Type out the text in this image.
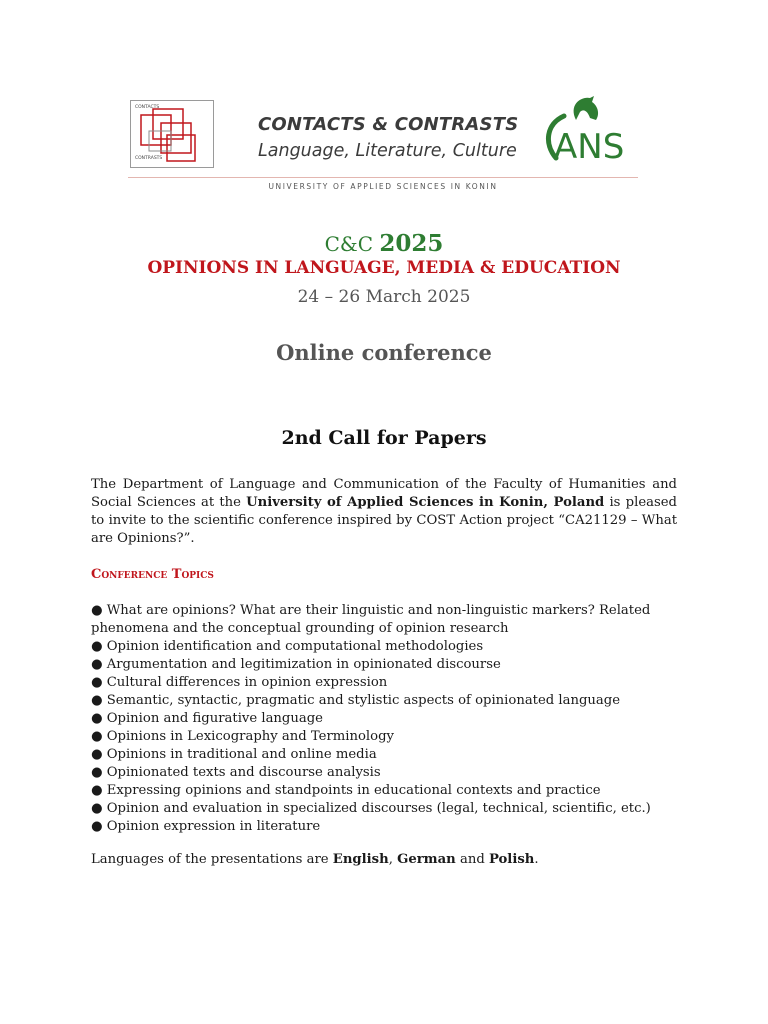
CONTACTS
CONTRASTS
CONTACTS & CONTRASTS
Language, Literature, Culture	ANS
UNIVERSITY OF APPLIED SCIENCES IN KONIN
C&C 2025
OPINIONS IN LANGUAGE, MEDIA & EDUCATION
24 – 26 March 2025
Online conference
2nd Call for Papers
The Department of Language and Communication of the Faculty of Humanities and Social Sciences at the University of Applied Sciences in Konin, Poland is pleased to invite to the scientific conference inspired by COST Action project “CA21129 – What are Opinions?”.
Conference Topics
● What are opinions? What are their linguistic and non-linguistic markers? Related phenomena and the conceptual grounding of opinion research
● Opinion identification and computational methodologies
● Argumentation and legitimization in opinionated discourse
● Cultural differences in opinion expression
● Semantic, syntactic, pragmatic and stylistic aspects of opinionated language
● Opinion and figurative language
● Opinions in Lexicography and Terminology
● Opinions in traditional and online media
● Opinionated texts and discourse analysis
● Expressing opinions and standpoints in educational contexts and practice
● Opinion and evaluation in specialized discourses (legal, technical, scientific, etc.)
● Opinion expression in literature
Languages of the presentations are English, German and Polish.
